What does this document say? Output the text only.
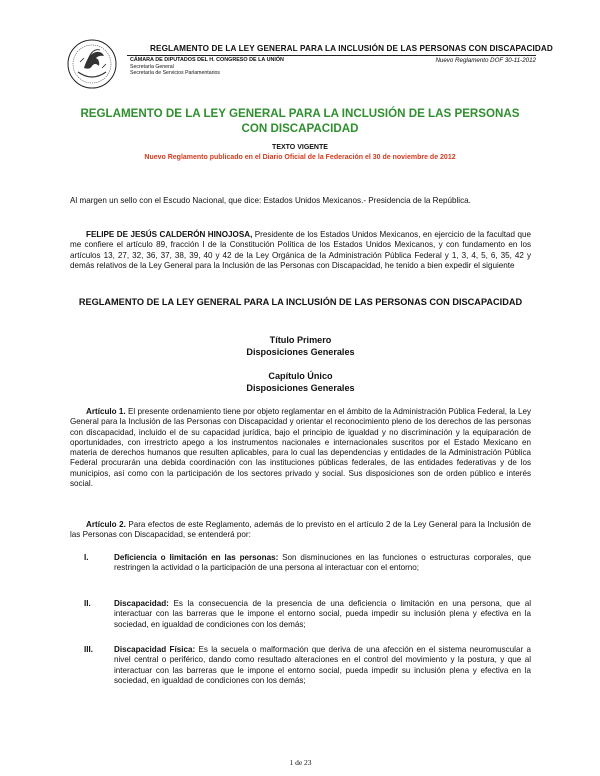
REGLAMENTO DE LA LEY GENERAL PARA LA INCLUSIÓN DE LAS PERSONAS CON DISCAPACIDAD
CÁMARA DE DIPUTADOS DEL H. CONGRESO DE LA UNIÓN
Secretaría General
Secretaría de Servicios Parlamentarios
Nuevo Reglamento DOF 30-11-2012
REGLAMENTO DE LA LEY GENERAL PARA LA INCLUSIÓN DE LAS PERSONAS CON DISCAPACIDAD
TEXTO VIGENTE
Nuevo Reglamento publicado en el Diario Oficial de la Federación el 30 de noviembre de 2012
Al margen un sello con el Escudo Nacional, que dice: Estados Unidos Mexicanos.- Presidencia de la República.
FELIPE DE JESÚS CALDERÓN HINOJOSA, Presidente de los Estados Unidos Mexicanos, en ejercicio de la facultad que me confiere el artículo 89, fracción I de la Constitución Política de los Estados Unidos Mexicanos, y con fundamento en los artículos 13, 27, 32, 36, 37, 38, 39, 40 y 42 de la Ley Orgánica de la Administración Pública Federal y 1, 3, 4, 5, 6, 35, 42 y demás relativos de la Ley General para la Inclusión de las Personas con Discapacidad, he tenido a bien expedir el siguiente
REGLAMENTO DE LA LEY GENERAL PARA LA INCLUSIÓN DE LAS PERSONAS CON DISCAPACIDAD
Título Primero
Disposiciones Generales
Capítulo Único
Disposiciones Generales
Artículo 1. El presente ordenamiento tiene por objeto reglamentar en el ámbito de la Administración Pública Federal, la Ley General para la Inclusión de las Personas con Discapacidad y orientar el reconocimiento pleno de los derechos de las personas con discapacidad, incluido el de su capacidad jurídica, bajo el principio de igualdad y no discriminación y la equiparación de oportunidades, con irrestricto apego a los instrumentos nacionales e internacionales suscritos por el Estado Mexicano en materia de derechos humanos que resulten aplicables, para lo cual las dependencias y entidades de la Administración Pública Federal procurarán una debida coordinación con las instituciones públicas federales, de las entidades federativas y de los municipios, así como con la participación de los sectores privado y social. Sus disposiciones son de orden público e interés social.
Artículo 2. Para efectos de este Reglamento, además de lo previsto en el artículo 2 de la Ley General para la Inclusión de las Personas con Discapacidad, se entenderá por:
I.	Deficiencia o limitación en las personas: Son disminuciones en las funciones o estructuras corporales, que restringen la actividad o la participación de una persona al interactuar con el entorno;
II.	Discapacidad: Es la consecuencia de la presencia de una deficiencia o limitación en una persona, que al interactuar con las barreras que le impone el entorno social, pueda impedir su inclusión plena y efectiva en la sociedad, en igualdad de condiciones con los demás;
III.	Discapacidad Física: Es la secuela o malformación que deriva de una afección en el sistema neuromuscular a nivel central o periférico, dando como resultado alteraciones en el control del movimiento y la postura, y que al interactuar con las barreras que le impone el entorno social, pueda impedir su inclusión plena y efectiva en la sociedad, en igualdad de condiciones con los demás;
1 de 23
